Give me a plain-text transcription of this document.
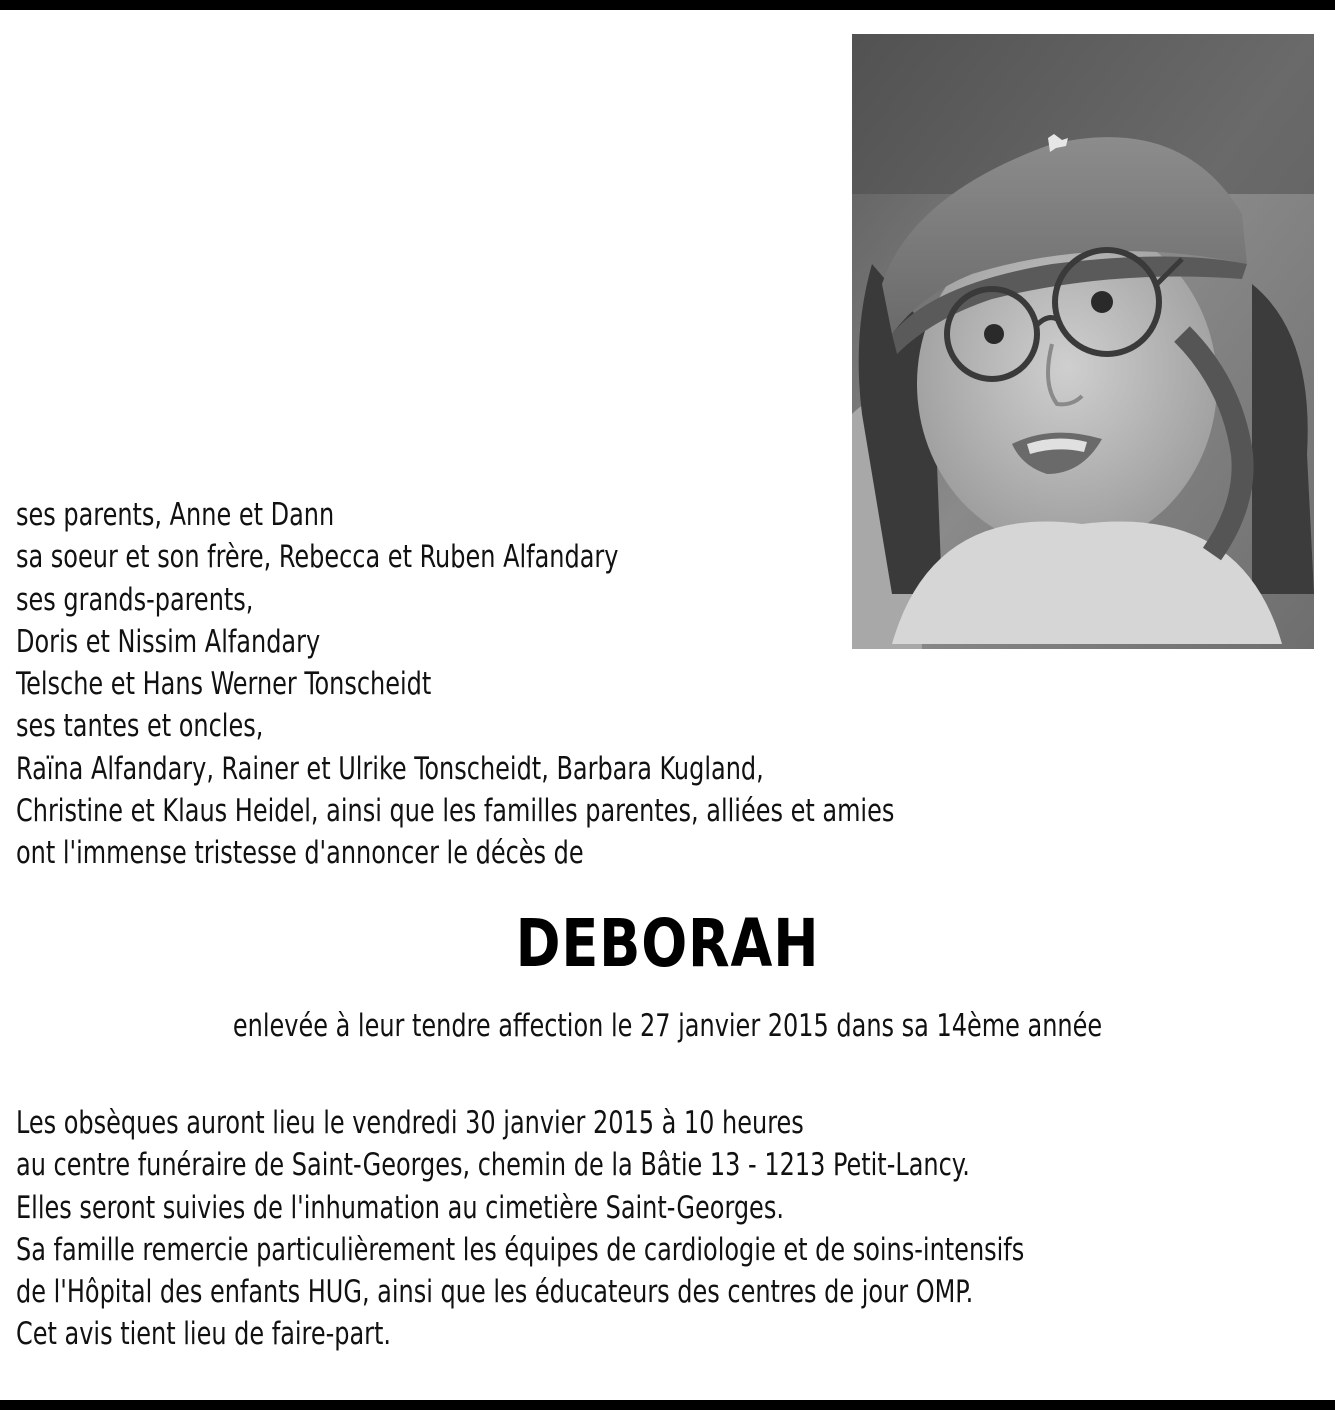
ses parents, Anne et Dann
sa soeur et son frère, Rebecca et Ruben Alfandary
ses grands-parents,
Doris et Nissim Alfandary
Telsche et Hans Werner Tonscheidt
ses tantes et oncles,
Raïna Alfandary, Rainer et Ulrike Tonscheidt, Barbara Kugland,
Christine et Klaus Heidel, ainsi que les familles parentes, alliées et amies
ont l'immense tristesse d'annoncer le décès de
DEBORAH
enlevée à leur tendre affection le 27 janvier 2015 dans sa 14ème année
Les obsèques auront lieu le vendredi 30 janvier 2015 à 10 heures
au centre funéraire de Saint-Georges, chemin de la Bâtie 13 - 1213 Petit-Lancy.
Elles seront suivies de l'inhumation au cimetière Saint-Georges.
Sa famille remercie particulièrement les équipes de cardiologie et de soins-intensifs
de l'Hôpital des enfants HUG, ainsi que les éducateurs des centres de jour OMP.
Cet avis tient lieu de faire-part.
